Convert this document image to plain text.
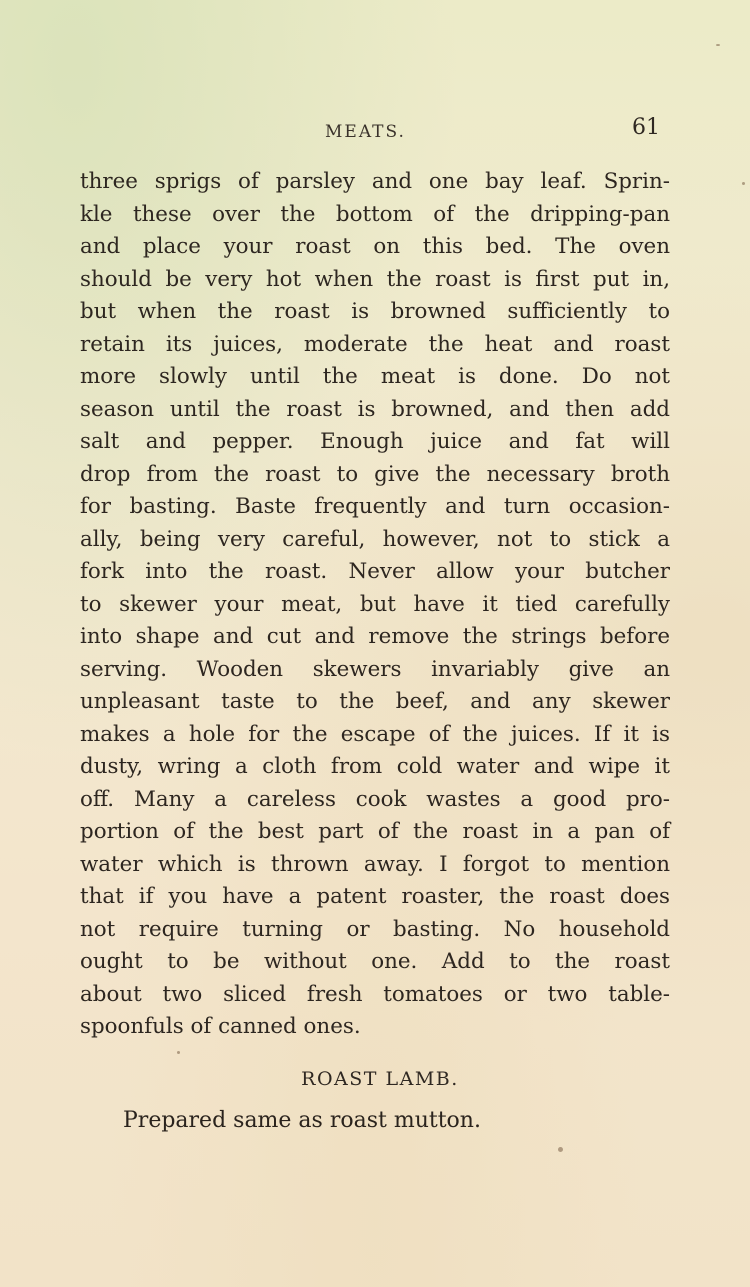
MEATS.	61
three sprigs of parsley and one bay leaf. Sprin-
kle these over the bottom of the dripping-pan
and place your roast on this bed. The oven
should be very hot when the roast is first put in,
but when the roast is browned sufficiently to
retain its juices, moderate the heat and roast
more slowly until the meat is done. Do not
season until the roast is browned, and then add
salt and pepper. Enough juice and fat will
drop from the roast to give the necessary broth
for basting. Baste frequently and turn occasion-
ally, being very careful, however, not to stick a
fork into the roast. Never allow your butcher
to skewer your meat, but have it tied carefully
into shape and cut and remove the strings before
serving. Wooden skewers invariably give an
unpleasant taste to the beef, and any skewer
makes a hole for the escape of the juices. If it is
dusty, wring a cloth from cold water and wipe it
off. Many a careless cook wastes a good pro-
portion of the best part of the roast in a pan of
water which is thrown away. I forgot to mention
that if you have a patent roaster, the roast does
not require turning or basting. No household
ought to be without one. Add to the roast
about two sliced fresh tomatoes or two table-
spoonfuls of canned ones.
ROAST LAMB.
Prepared same as roast mutton.
